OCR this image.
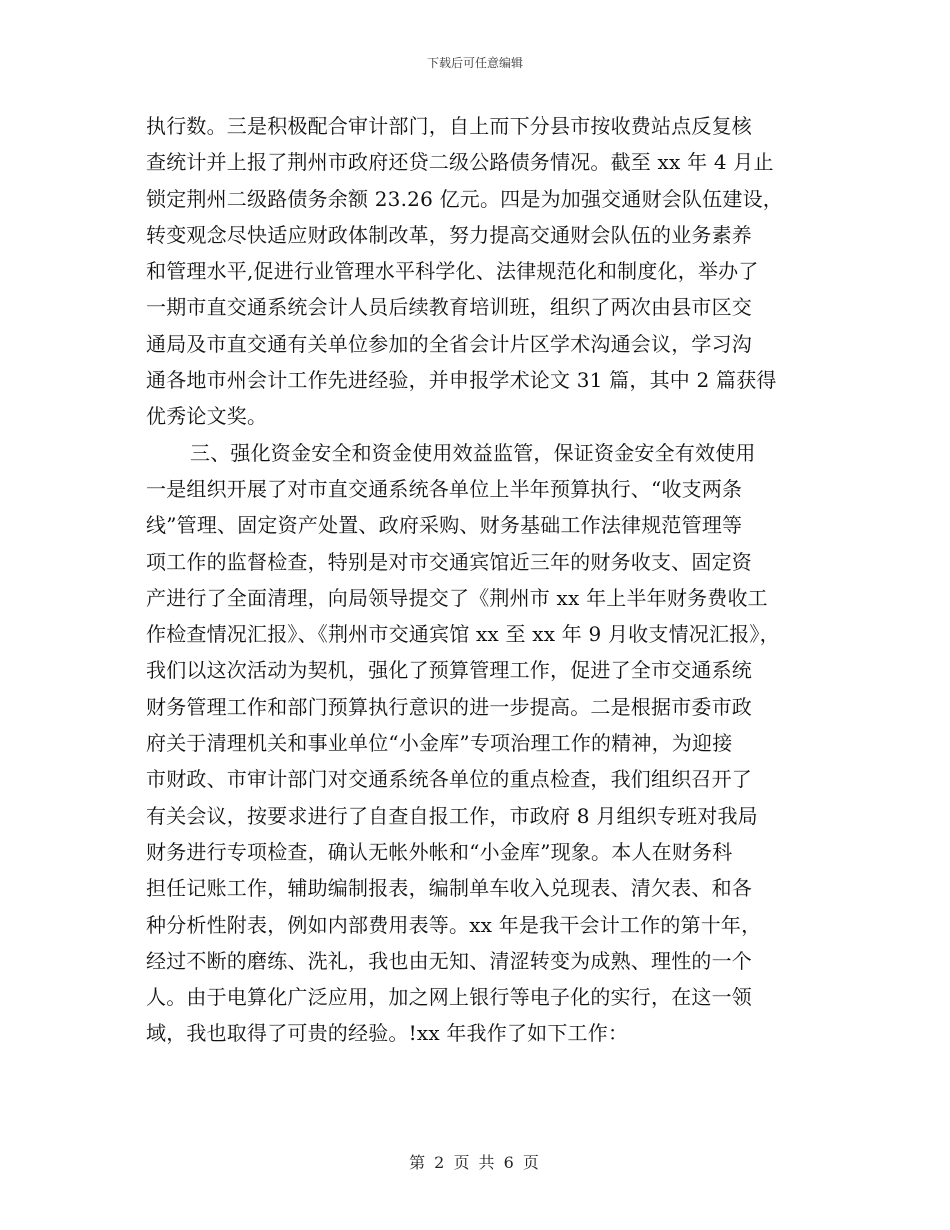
下载后可任意编辑
执行数。三是积极配合审计部门，自上而下分县市按收费站点反复核
查统计并上报了荆州市政府还贷二级公路债务情况。截至 xx 年 4 月止
锁定荆州二级路债务余额 23.26 亿元。四是为加强交通财会队伍建设，
转变观念尽快适应财政体制改革，努力提高交通财会队伍的业务素养
和管理水平,促进行业管理水平科学化、法律规范化和制度化，举办了
一期市直交通系统会计人员后续教育培训班，组织了两次由县市区交
通局及市直交通有关单位参加的全省会计片区学术沟通会议，学习沟
通各地市州会计工作先进经验，并申报学术论文 31 篇，其中 2 篇获得
优秀论文奖。
三、强化资金安全和资金使用效益监管，保证资金安全有效使用
一是组织开展了对市直交通系统各单位上半年预算执行、“收支两条
线”管理、固定资产处置、政府采购、财务基础工作法律规范管理等
项工作的监督检查，特别是对市交通宾馆近三年的财务收支、固定资
产进行了全面清理，向局领导提交了《荆州市 xx 年上半年财务费收工
作检查情况汇报》、《荆州市交通宾馆 xx 至 xx 年 9 月收支情况汇报》，
我们以这次活动为契机，强化了预算管理工作，促进了全市交通系统
财务管理工作和部门预算执行意识的进一步提高。二是根据市委市政
府关于清理机关和事业单位“小金库”专项治理工作的精神，为迎接
市财政、市审计部门对交通系统各单位的重点检查，我们组织召开了
有关会议，按要求进行了自查自报工作，市政府 8 月组织专班对我局
财务进行专项检查，确认无帐外帐和“小金库”现象。本人在财务科
担任记账工作，辅助编制报表，编制单车收入兑现表、清欠表、和各
种分析性附表，例如内部费用表等。xx 年是我干会计工作的第十年，
经过不断的磨练、洗礼，我也由无知、清涩转变为成熟、理性的一个
人。由于电算化广泛应用，加之网上银行等电子化的实行，在这一领
域，我也取得了可贵的经验。!xx 年我作了如下工作：
第 2 页 共 6 页
